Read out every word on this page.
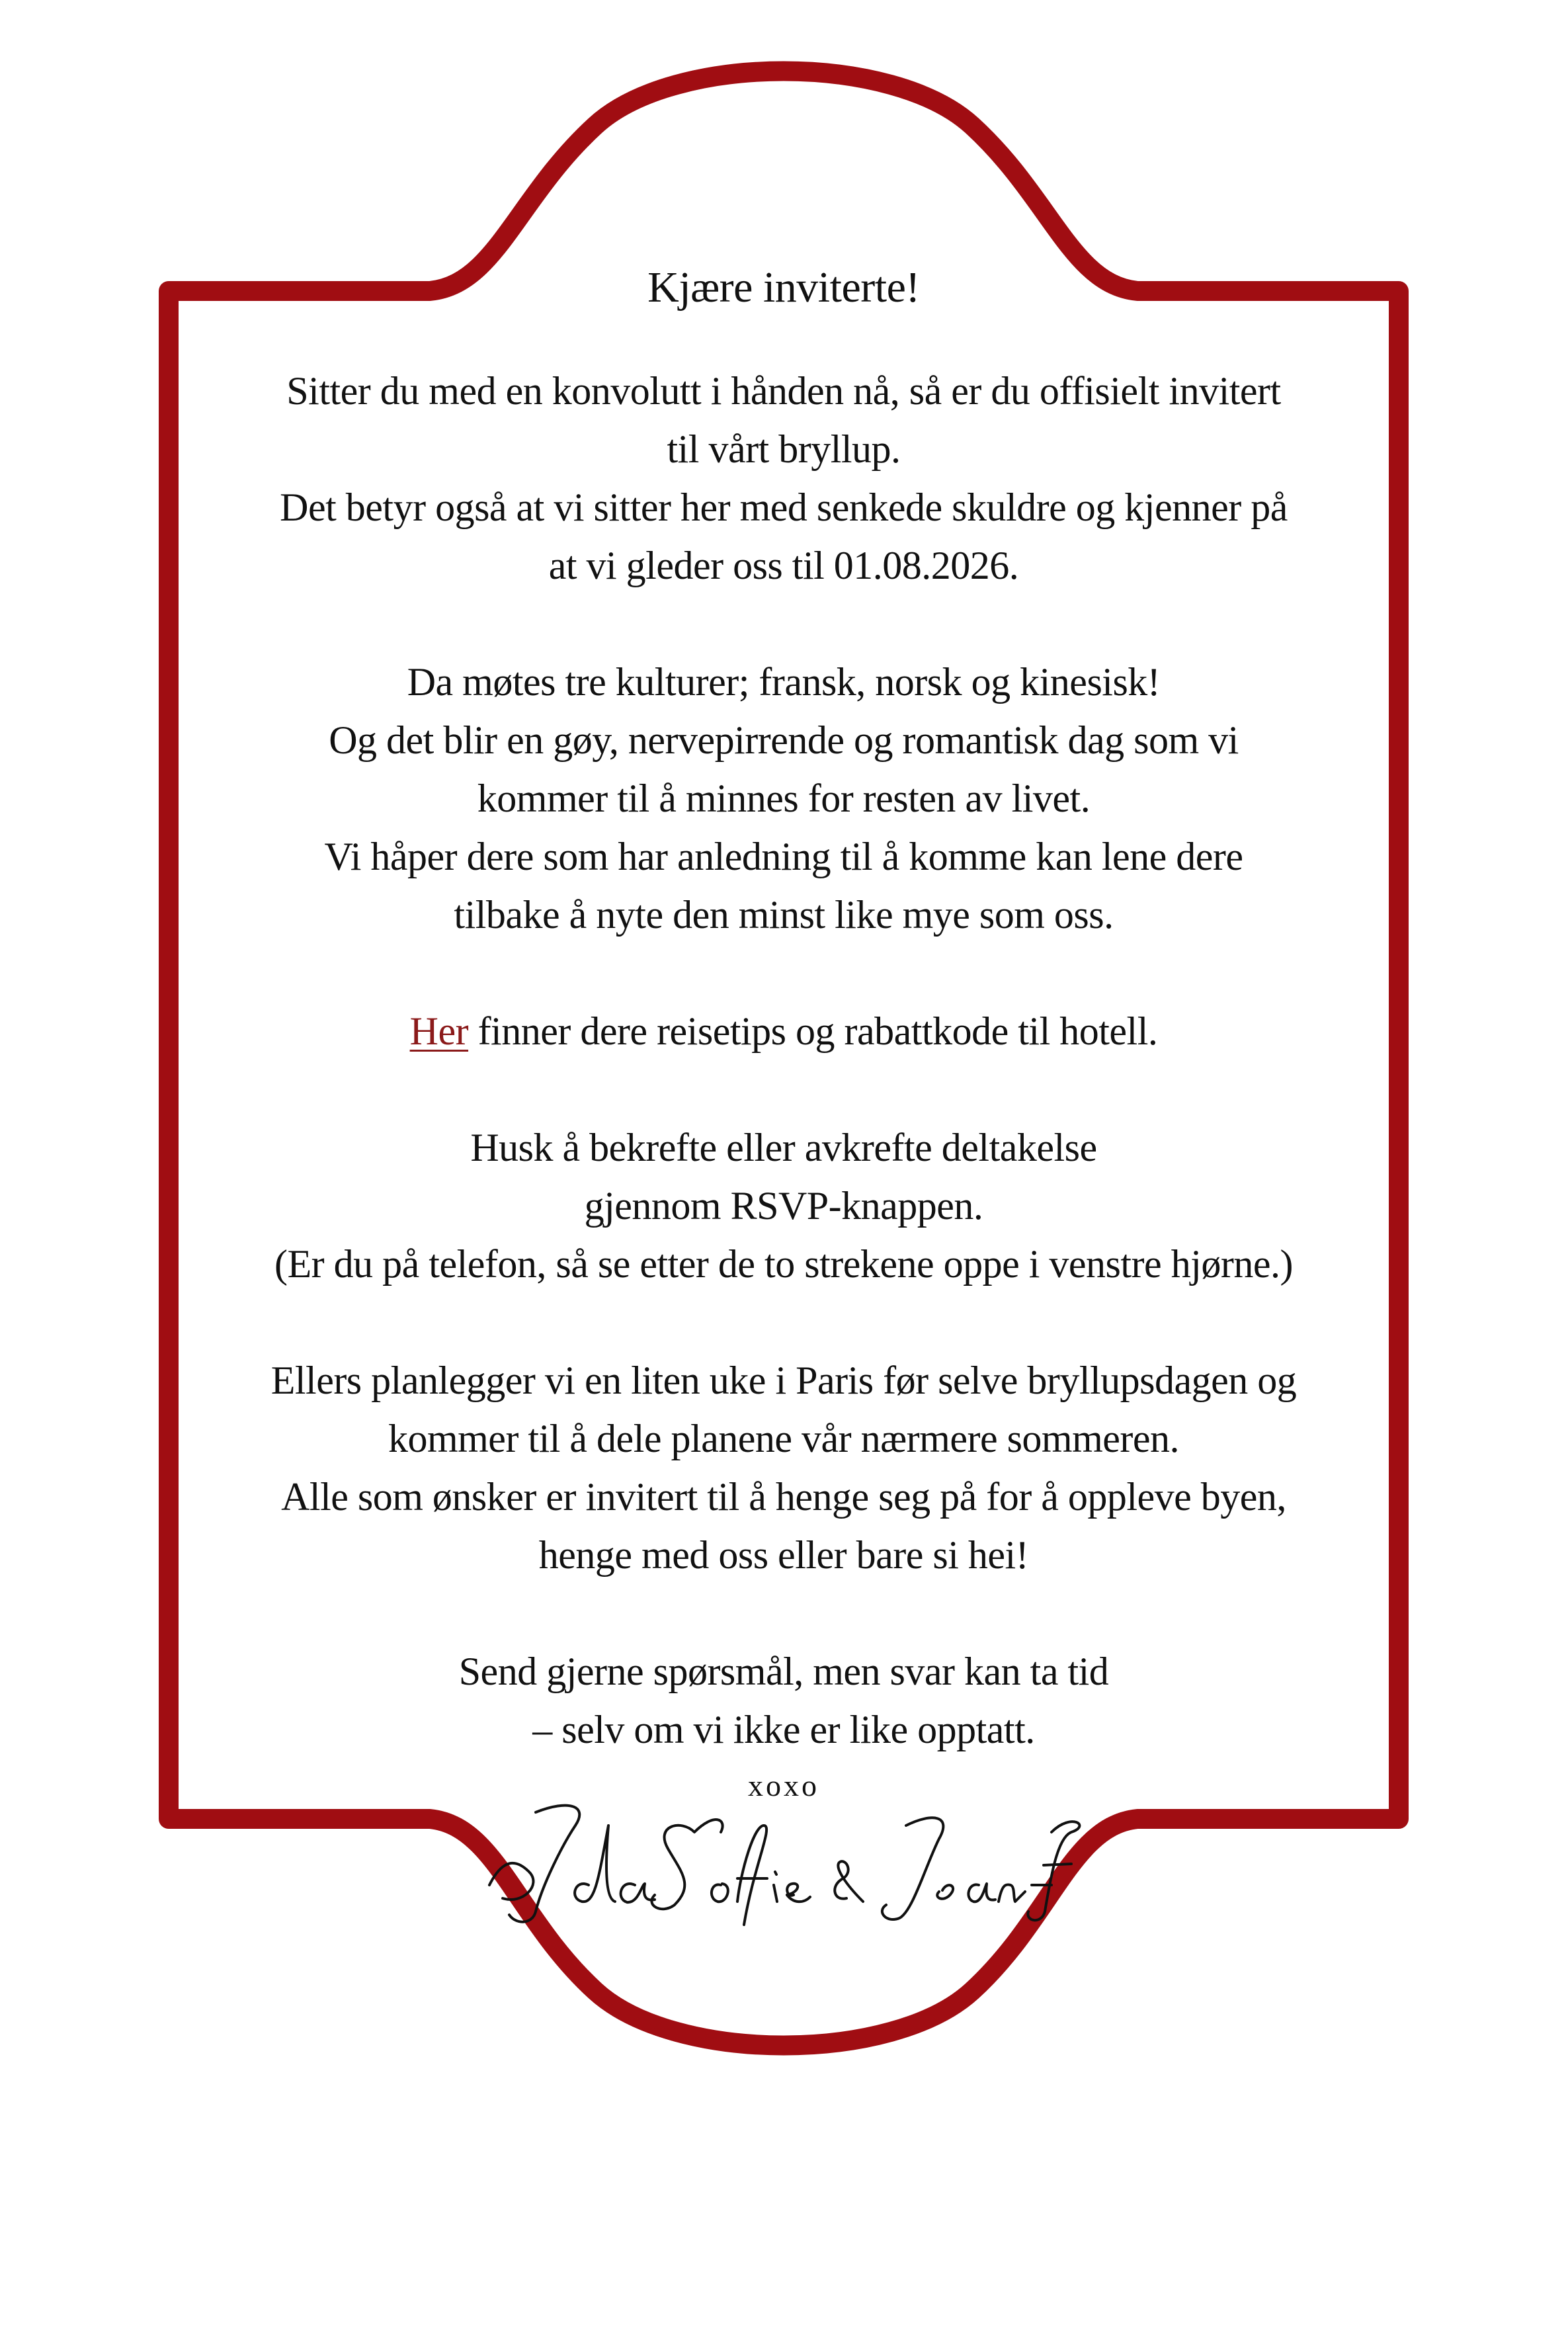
Kjære inviterte!
Sitter du med en konvolutt i hånden nå, så er du offisielt invitert
til vårt bryllup.
Det betyr også at vi sitter her med senkede skuldre og kjenner på
at vi gleder oss til 01.08.2026.
Da møtes tre kulturer; fransk, norsk og kinesisk!
Og det blir en gøy, nervepirrende og romantisk dag som vi
kommer til å minnes for resten av livet.
Vi håper dere som har anledning til å komme kan lene dere
tilbake å nyte den minst like mye som oss.
Her finner dere reisetips og rabattkode til hotell.
Husk å bekrefte eller avkrefte deltakelse
gjennom RSVP-knappen.
(Er du på telefon, så se etter de to strekene oppe i venstre hjørne.)
Ellers planlegger vi en liten uke i Paris før selve bryllupsdagen og
kommer til å dele planene vår nærmere sommeren.
Alle som ønsker er invitert til å henge seg på for å oppleve byen,
henge med oss eller bare si hei!
Send gjerne spørsmål, men svar kan ta tid
– selv om vi ikke er like opptatt.
xoxo
